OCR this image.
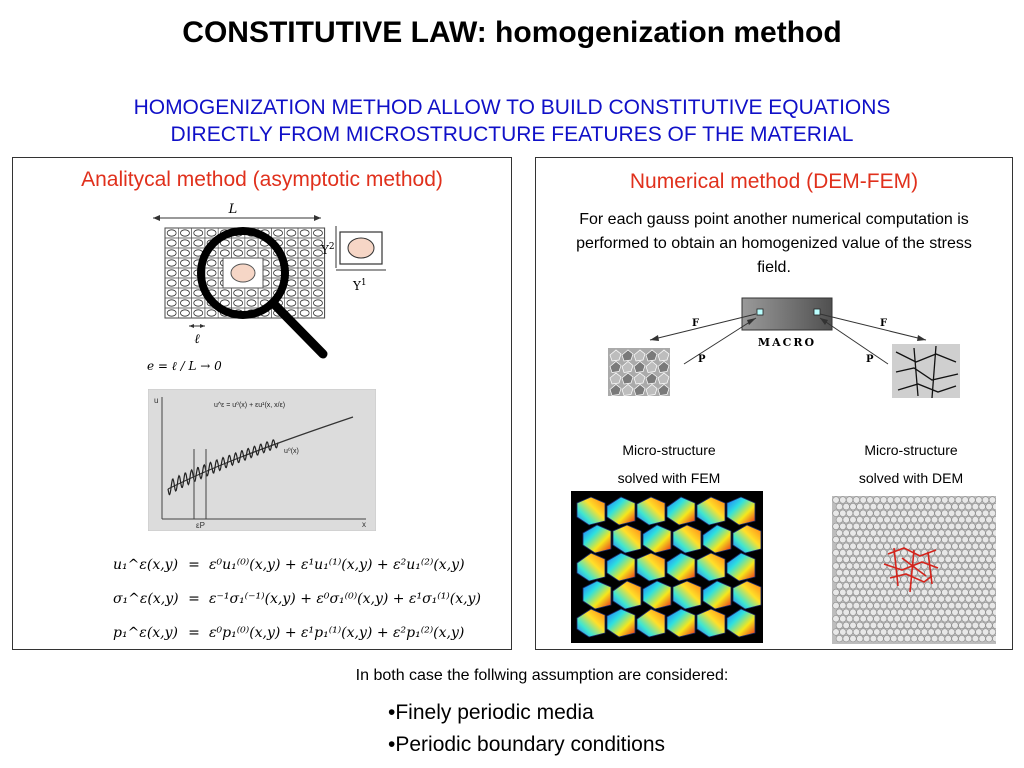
CONSTITUTIVE LAW: homogenization method
HOMOGENIZATION METHOD ALLOW TO BUILD CONSTITUTIVE EQUATIONS
DIRECTLY FROM MICROSTRUCTURE FEATURES OF THE MATERIAL
Analitycal method (asymptotic method)
L
$Y^2$
$Y^1$
ℓ
e = ℓ / L → 0
u
x
εP
u^ε = u⁰(x) + εu¹(x, x/ε)
u⁰(x)
u₁^ε(x,y) = ε⁰u₁⁽⁰⁾(x,y) + ε¹u₁⁽¹⁾(x,y) + ε²u₁⁽²⁾(x,y)
σ₁^ε(x,y) = ε⁻¹σ₁⁽⁻¹⁾(x,y) + ε⁰σ₁⁽⁰⁾(x,y) + ε¹σ₁⁽¹⁾(x,y)
p₁^ε(x,y) = ε⁰p₁⁽⁰⁾(x,y) + ε¹p₁⁽¹⁾(x,y) + ε²p₁⁽²⁾(x,y)
Numerical method (DEM-FEM)
For each gauss point another numerical computation is performed to obtain an homogenized value of the stress field.
MACRO
F	F
P	P
Micro-structure
solved with FEM
Micro-structure
solved with DEM
In both case the follwing assumption are considered:
•Finely periodic media
•Periodic boundary conditions
